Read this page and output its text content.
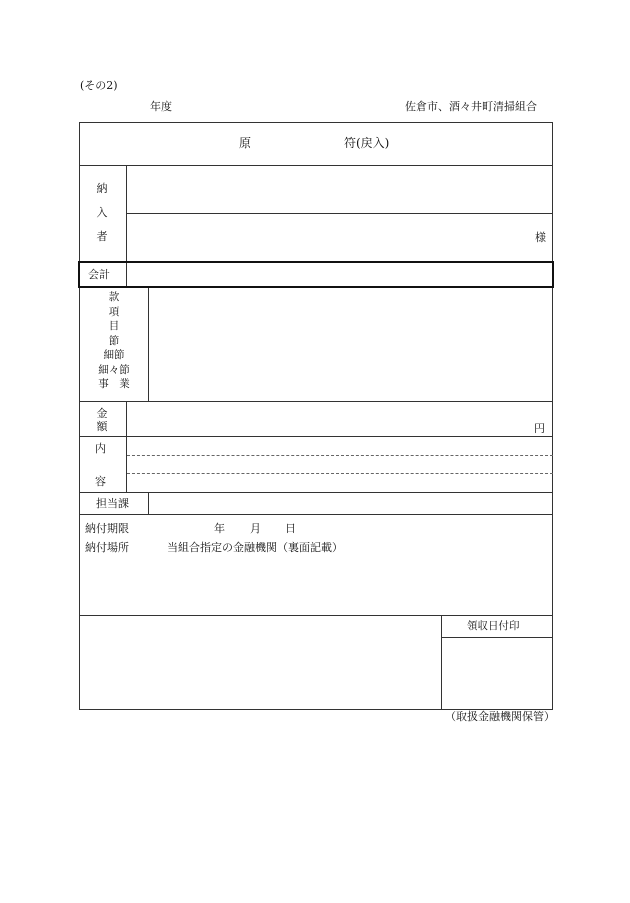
(その2)
年度	佐倉市、酒々井町清掃組合
原	符(戻入)
納
入
者	様
会計
款
項
目
節
細節
細々節
事　業
金
額	円
内
容
担当課
納付期限	年 月 日
納付場所	当組合指定の金融機関（裏面記載）
領収日付印
（取扱金融機関保管）
